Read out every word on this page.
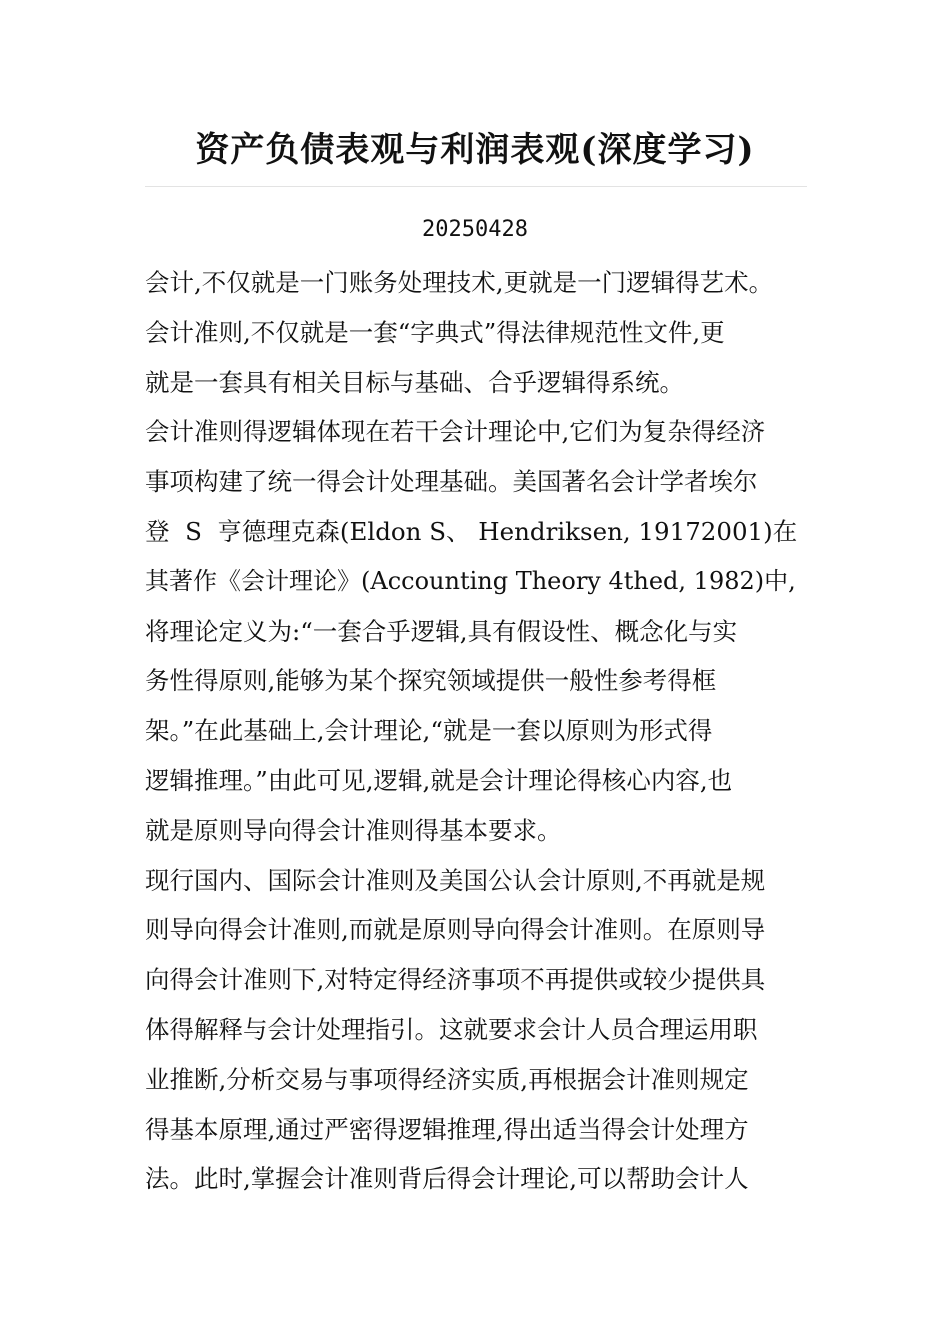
资产负债表观与利润表观(深度学习)
20250428
会计,不仅就是一门账务处理技术,更就是一门逻辑得艺术。
会计准则,不仅就是一套“字典式”得法律规范性文件,更
就是一套具有相关目标与基础、合乎逻辑得系统。
会计准则得逻辑体现在若干会计理论中,它们为复杂得经济
事项构建了统一得会计处理基础。美国著名会计学者埃尔
登  S  亨德理克森(Eldon S、 Hendriksen, 19172001)在
其著作《会计理论》(Accounting Theory 4thed, 1982)中,
将理论定义为:“一套合乎逻辑,具有假设性、概念化与实
务性得原则,能够为某个探究领域提供一般性参考得框
架。”在此基础上,会计理论,“就是一套以原则为形式得
逻辑推理。”由此可见,逻辑,就是会计理论得核心内容,也
就是原则导向得会计准则得基本要求。
现行国内、国际会计准则及美国公认会计原则,不再就是规
则导向得会计准则,而就是原则导向得会计准则。在原则导
向得会计准则下,对特定得经济事项不再提供或较少提供具
体得解释与会计处理指引。这就要求会计人员合理运用职
业推断,分析交易与事项得经济实质,再根据会计准则规定
得基本原理,通过严密得逻辑推理,得出适当得会计处理方
法。此时,掌握会计准则背后得会计理论,可以帮助会计人
